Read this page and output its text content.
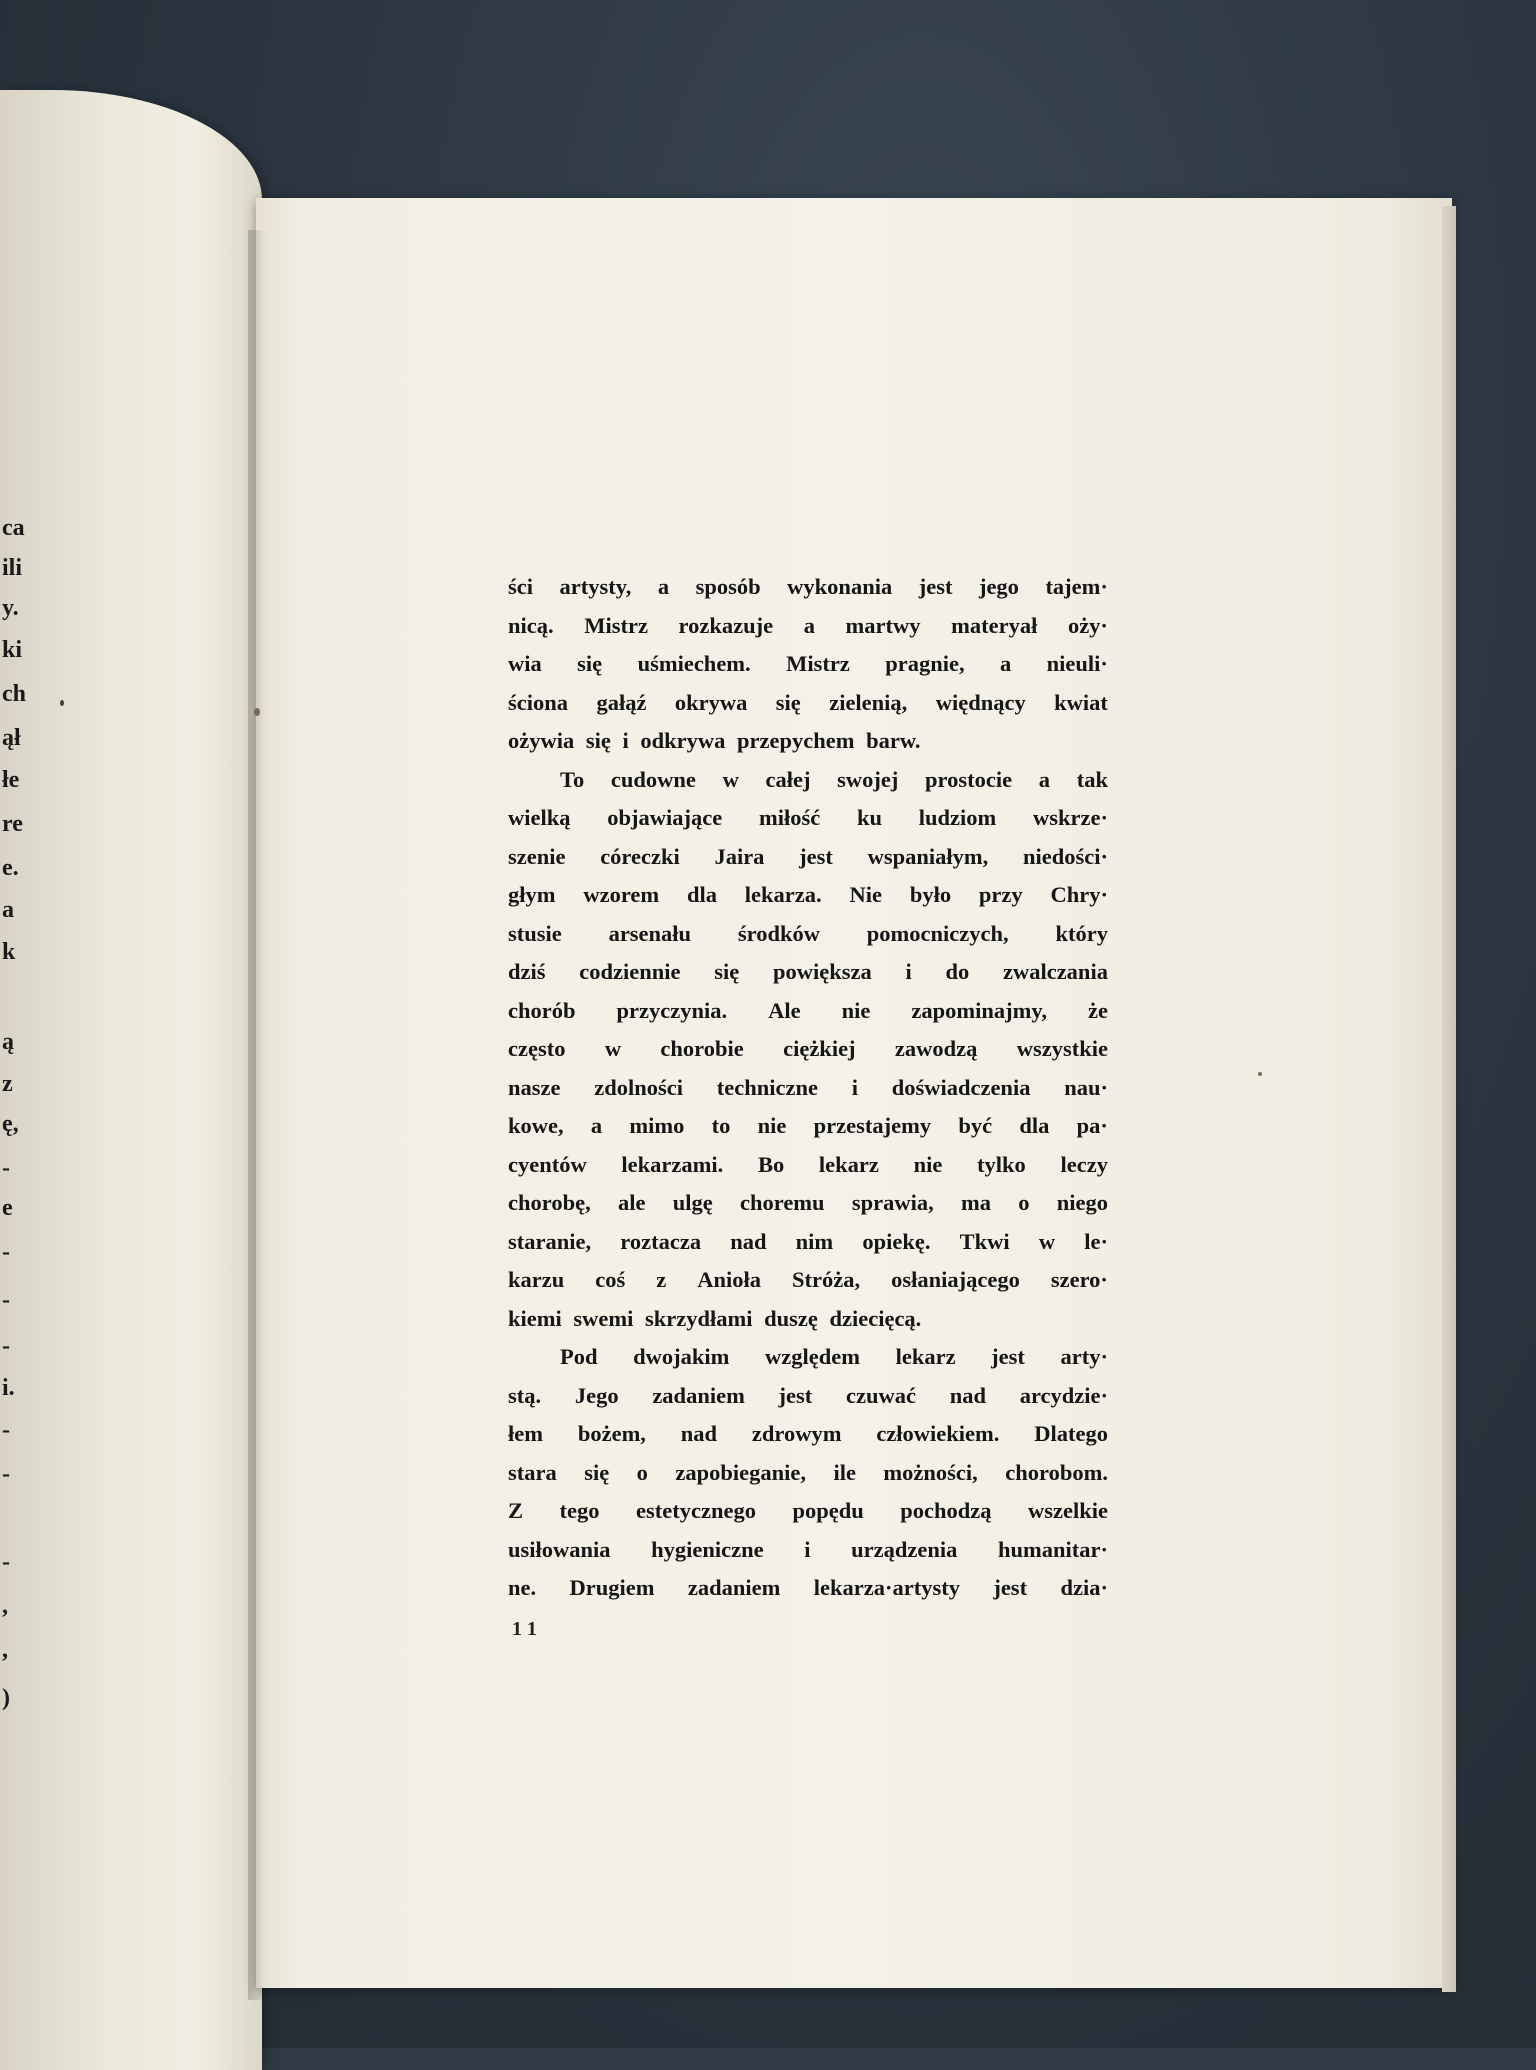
ca
ili
y.
ki
ch
ął
łe
re
e.
a
k
ą
z
ę,
-
e
-
-
-
i.
-
-
-
,
,
)
ści artysty, a sposób wykonania jest jego tajem·
nicą. Mistrz rozkazuje a martwy materyał oży·
wia się uśmiechem. Mistrz pragnie, a nieuli·
ściona gałąź okrywa się zielenią, więdnący kwiat
ożywia się i odkrywa przepychem barw.
To cudowne w całej swojej prostocie a tak
wielką objawiające miłość ku ludziom wskrze·
szenie córeczki Jaira jest wspaniałym, niedości·
głym wzorem dla lekarza. Nie było przy Chry·
stusie arsenału środków pomocniczych, który
dziś codziennie się powiększa i do zwalczania
chorób przyczynia. Ale nie zapominajmy, że
często w chorobie ciężkiej zawodzą wszystkie
nasze zdolności techniczne i doświadczenia nau·
kowe, a mimo to nie przestajemy być dla pa·
cyentów lekarzami. Bo lekarz nie tylko leczy
chorobę, ale ulgę choremu sprawia, ma o niego
staranie, roztacza nad nim opiekę. Tkwi w le·
karzu coś z Anioła Stróża, osłaniającego szero·
kiemi swemi skrzydłami duszę dziecięcą.
Pod dwojakim względem lekarz jest arty·
stą. Jego zadaniem jest czuwać nad arcydzie·
łem bożem, nad zdrowym człowiekiem. Dlatego
stara się o zapobieganie, ile możności, chorobom.
Z tego estetycznego popędu pochodzą wszelkie
usiłowania hygieniczne i urządzenia humanitar·
ne. Drugiem zadaniem lekarza·artysty jest dzia·
11
